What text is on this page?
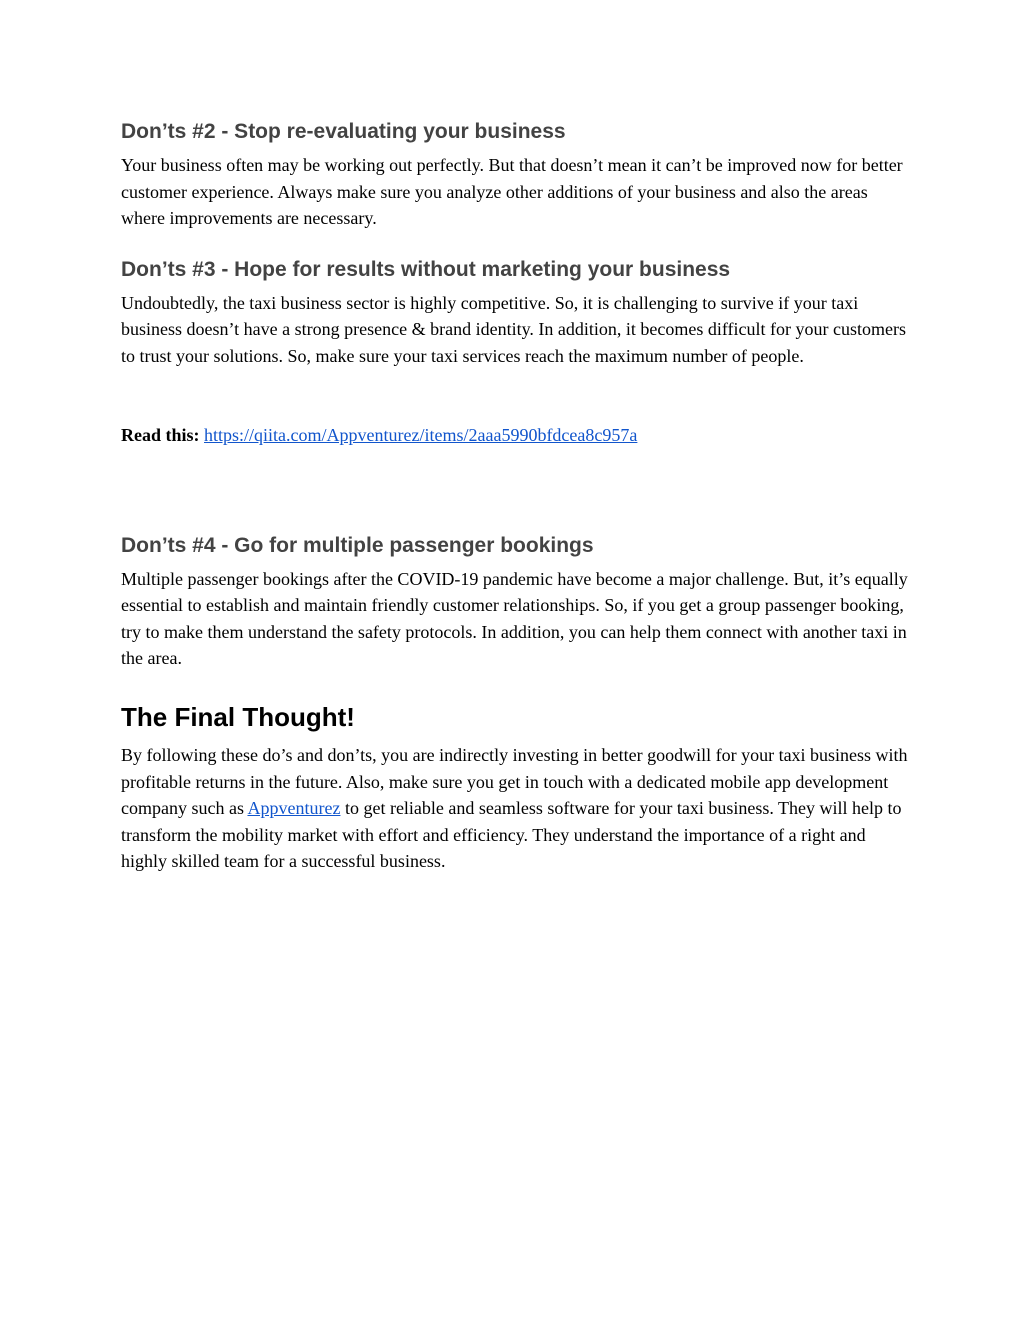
Don’ts #2 - Stop re-evaluating your business

Your business often may be working out perfectly. But that doesn’t mean it can’t be improved now for better customer experience. Always make sure you analyze other additions of your business and also the areas where improvements are necessary.

Don’ts #3 - Hope for results without marketing your business

Undoubtedly, the taxi business sector is highly competitive. So, it is challenging to survive if your taxi business doesn’t have a strong presence & brand identity. In addition, it becomes difficult for your customers to trust your solutions. So, make sure your taxi services reach the maximum number of people.

Read this: https://qiita.com/Appventurez/items/2aaa5990bfdcea8c957a
Don’ts #4 - Go for multiple passenger bookings

Multiple passenger bookings after the COVID-19 pandemic have become a major challenge. But, it’s equally essential to establish and maintain friendly customer relationships. So, if you get a group passenger booking, try to make them understand the safety protocols. In addition, you can help them connect with another taxi in the area.

The Final Thought!

By following these do’s and don’ts, you are indirectly investing in better goodwill for your taxi business with profitable returns in the future. Also, make sure you get in touch with a dedicated mobile app development company such as Appventurez to get reliable and seamless software for your taxi business. They will help to transform the mobility market with effort and efficiency. They understand the importance of a right and highly skilled team for a successful business.
